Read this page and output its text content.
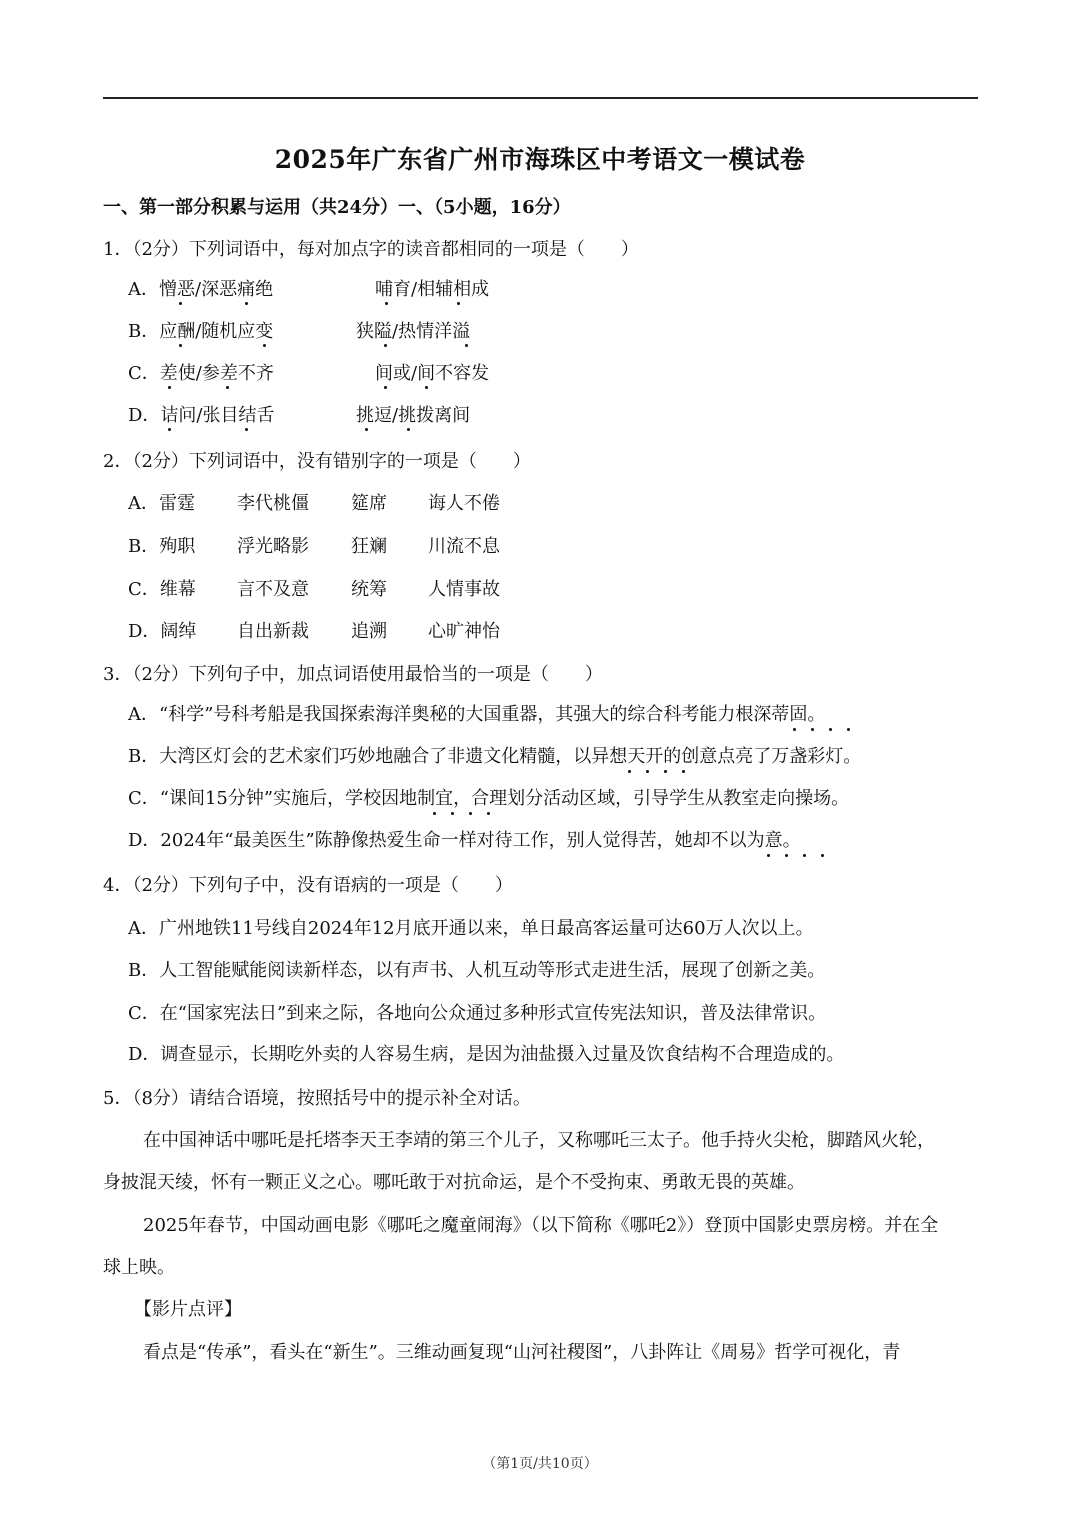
2025年广东省广州市海珠区中考语文一模试卷
一、第一部分积累与运用（共24分）一、（5小题，16分）
1．（2分）下列词语中，每对加点字的读音都相同的一项是（　　）
A．憎恶/深恶痛绝	哺育/相辅相成
B．应酬/随机应变	狭隘/热情洋溢
C．差使/参差不齐	间或/间不容发
D．诘问/张目结舌	挑逗/挑拨离间
2．（2分）下列词语中，没有错别字的一项是（　　）
A．雷霆 李代桃僵 筵席 诲人不倦
B．殉职 浮光略影 狂斓 川流不息
C．维幕 言不及意 统筹 人情事故
D．阔绰 自出新裁 追溯 心旷神怡
3．（2分）下列句子中，加点词语使用最恰当的一项是（　　）
A．“科学”号科考船是我国探索海洋奥秘的大国重器，其强大的综合科考能力根深蒂固。
B．大湾区灯会的艺术家们巧妙地融合了非遗文化精髓，以异想天开的创意点亮了万盏彩灯。
C．“课间15分钟”实施后，学校因地制宜，合理划分活动区域，引导学生从教室走向操场。
D．2024年“最美医生”陈静像热爱生命一样对待工作，别人觉得苦，她却不以为意。
4．（2分）下列句子中，没有语病的一项是（　　）
A．广州地铁11号线自2024年12月底开通以来，单日最高客运量可达60万人次以上。
B．人工智能赋能阅读新样态，以有声书、人机互动等形式走进生活，展现了创新之美。
C．在“国家宪法日”到来之际，各地向公众通过多种形式宣传宪法知识，普及法律常识。
D．调查显示，长期吃外卖的人容易生病，是因为油盐摄入过量及饮食结构不合理造成的。
5．（8分）请结合语境，按照括号中的提示补全对话。
在中国神话中哪吒是托塔李天王李靖的第三个儿子，又称哪吒三太子。他手持火尖枪，脚踏风火轮，
身披混天绫，怀有一颗正义之心。哪吒敢于对抗命运，是个不受拘束、勇敢无畏的英雄。
2025年春节，中国动画电影《哪吒之魔童闹海》（以下简称《哪吒2》）登顶中国影史票房榜。并在全
球上映。
【影片点评】
看点是“传承”，看头在“新生”。三维动画复现“山河社稷图”，八卦阵让《周易》哲学可视化，青
（第1页/共10页）
